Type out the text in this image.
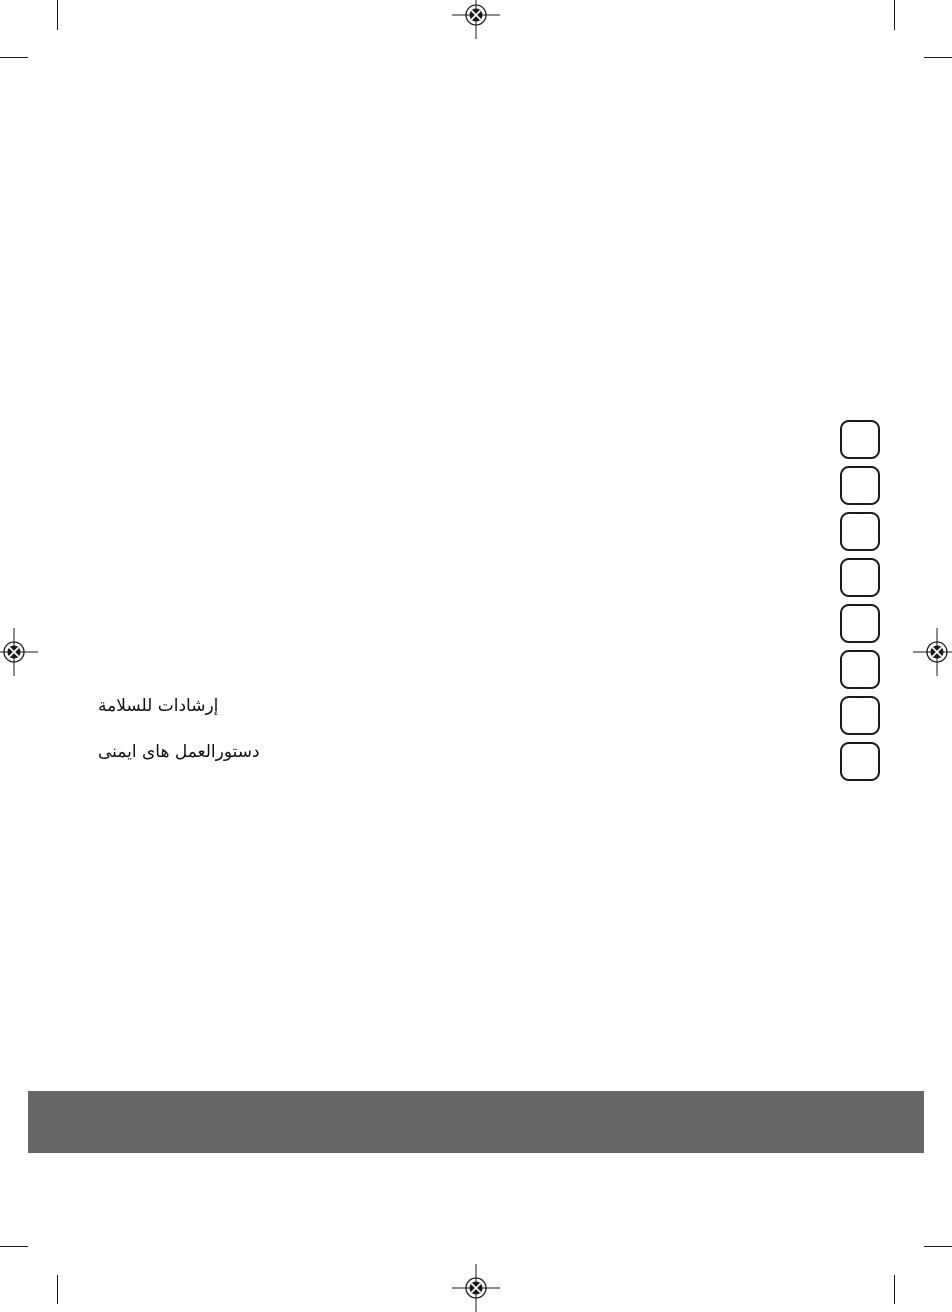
إرشادات للسلامة
دستورالعمل های ایمنی
